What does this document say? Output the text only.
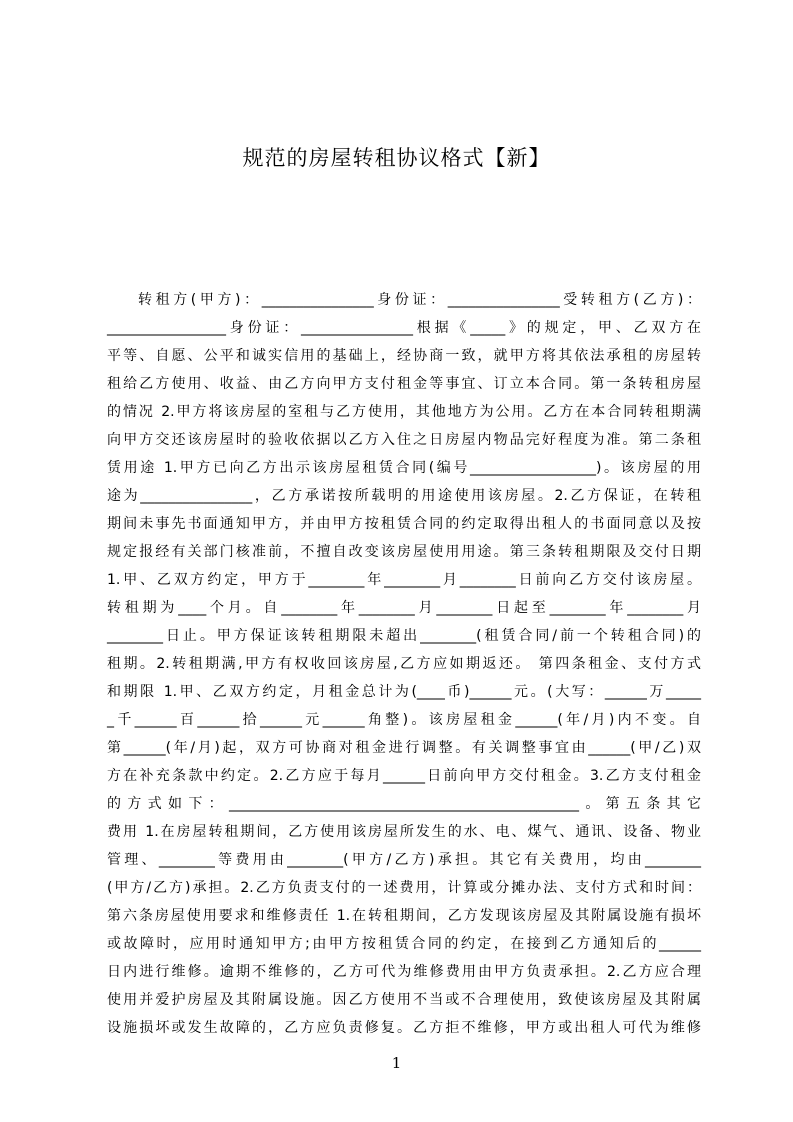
规范的房屋转租协议格式【新】
转租方(甲方)：________________身份证：________________受转租方(乙方)：
_________________身份证：________________根据《_____》的规定，甲、乙双方在
平等、自愿、公平和诚实信用的基础上，经协商一致，就甲方将其依法承租的房屋转
租给乙方使用、收益、由乙方向甲方支付租金等事宜、订立本合同。第一条转租房屋
的情况 2.甲方将该房屋的室租与乙方使用，其他地方为公用。乙方在本合同转租期满
向甲方交还该房屋时的验收依据以乙方入住之日房屋内物品完好程度为准。第二条租
赁用途 1.甲方已向乙方出示该房屋租赁合同(编号__________________)。该房屋的用
途为________________，乙方承诺按所载明的用途使用该房屋。2.乙方保证，在转租
期间未事先书面通知甲方，并由甲方按租赁合同的约定取得出租人的书面同意以及按
规定报经有关部门核准前，不擅自改变该房屋使用用途。第三条转租期限及交付日期
1.甲、乙双方约定，甲方于________年________月________日前向乙方交付该房屋。
转租期为____个月。自________年________月________日起至________年________月
________日止。甲方保证该转租期限未超出________(租赁合同/前一个转租合同)的
租期。2.转租期满,甲方有权收回该房屋,乙方应如期返还。 第四条租金、支付方式
和期限 1.甲、乙双方约定，月租金总计为(____币)______元。(大写：______万_____
_千______百______拾______元______角整)。该房屋租金______(年/月)内不变。自
第______(年/月)起，双方可协商对租金进行调整。有关调整事宜由______(甲/乙)双
方在补充条款中约定。2.乙方应于每月______日前向甲方交付租金。3.乙方支付租金
的方式如下：__________________________________________________。第五条其它
费用 1.在房屋转租期间，乙方使用该房屋所发生的水、电、煤气、通讯、设备、物业
管理、________等费用由________(甲方/乙方)承担。其它有关费用，均由________
(甲方/乙方)承担。2.乙方负责支付的一述费用，计算或分摊办法、支付方式和时间：
第六条房屋使用要求和维修责任 1.在转租期间，乙方发现该房屋及其附属设施有损坏
或故障时，应用时通知甲方;由甲方按租赁合同的约定，在接到乙方通知后的______
日内进行维修。逾期不维修的，乙方可代为维修费用由甲方负责承担。2.乙方应合理
使用并爱护房屋及其附属设施。因乙方使用不当或不合理使用，致使该房屋及其附属
设施损坏或发生故障的，乙方应负责修复。乙方拒不维修，甲方或出租人可代为维修
1
